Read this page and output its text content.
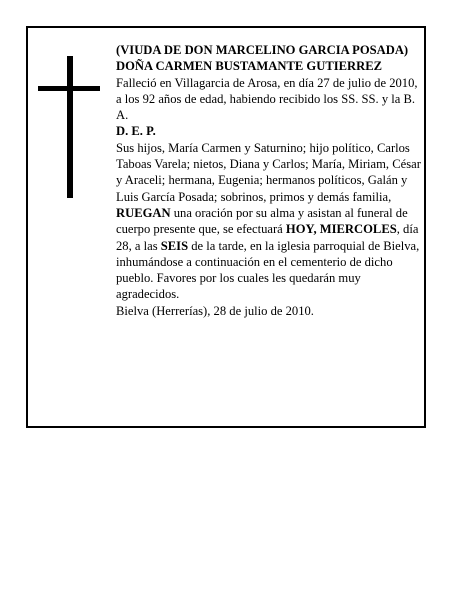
(VIUDA DE DON MARCELINO GARCIA POSADA)

DOÑA CARMEN BUSTAMANTE GUTIERREZ

Falleció en Villagarcia de Arosa, en día 27 de julio de 2010,

a los 92 años de edad, habiendo recibido los SS. SS. y la B. A.

D. E. P.

Sus hijos, María Carmen y Saturnino; hijo político, Carlos Taboas Varela; nietos, Diana y Carlos; María, Miriam, César y Araceli; hermana, Eugenia; hermanos políticos, Galán y Luis García Posada; sobrinos, primos y demás familia,

RUEGAN una oración por su alma y asistan al funeral de cuerpo presente que, se efectuará HOY, MIERCOLES, día 28, a las SEIS de la tarde, en la iglesia parroquial de Bielva, inhumándose a continuación en el cementerio de dicho pueblo. Favores por los cuales les quedarán muy agradecidos.

Bielva (Herrerías), 28 de julio de 2010.
